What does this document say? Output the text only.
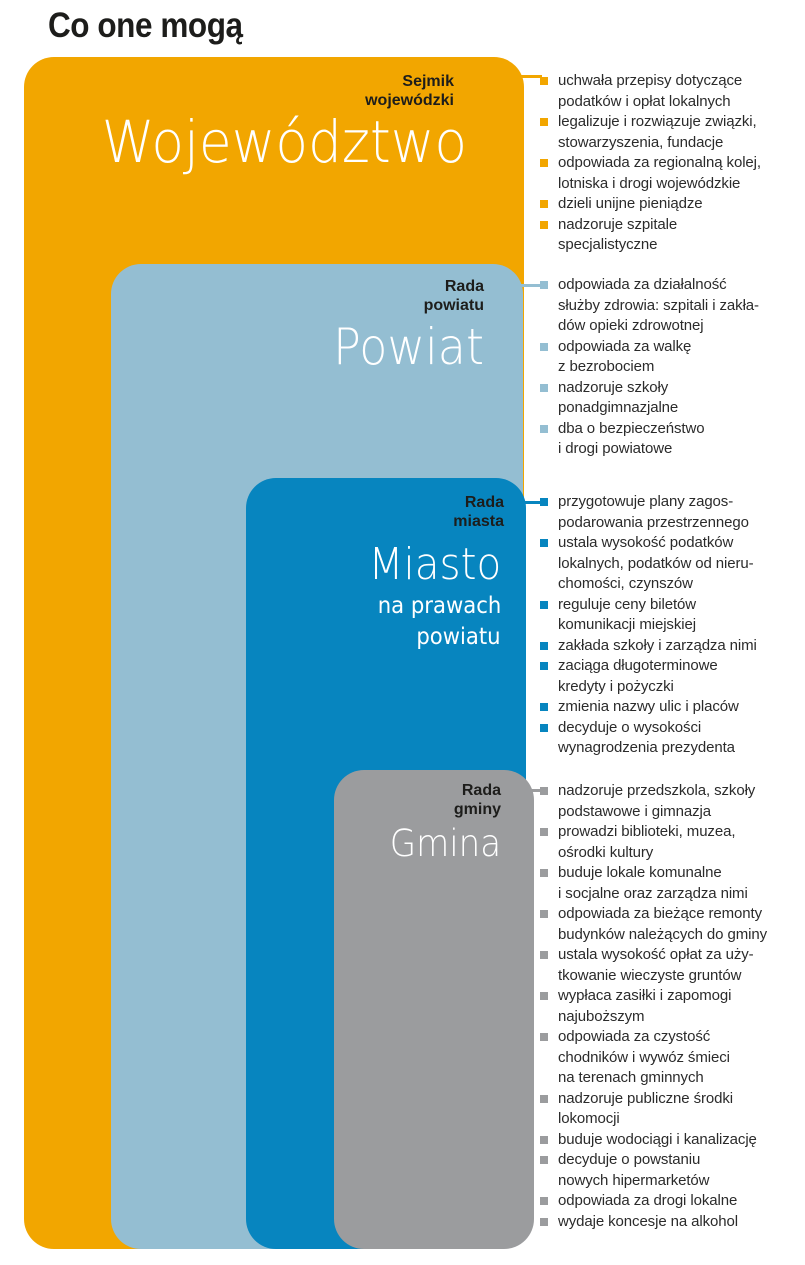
Co one mogą

Sejmik
wojewódzki

Województwo

Rada
powiatu

Powiat

Rada
miasta

Miasto

na prawach

powiatu

Rada
gminy

Gmina

uchwała przepisy dotyczące
podatków i opłat lokalnych
legalizuje i rozwiązuje związki,
stowarzyszenia, fundacje
odpowiada za regionalną kolej,
lotniska i drogi wojewódzkie
dzieli unijne pieniądze
nadzoruje szpitale
specjalistyczne
odpowiada za działalność
służby zdrowia: szpitali i zakła-
dów opieki zdrowotnej
odpowiada za walkę
z bezrobociem
nadzoruje szkoły
ponadgimnazjalne
dba o bezpieczeństwo
i drogi powiatowe
przygotowuje plany zagos-
podarowania przestrzennego
ustala wysokość podatków
lokalnych, podatków od nieru-
chomości, czynszów
reguluje ceny biletów
komunikacji miejskiej
zakłada szkoły i zarządza nimi
zaciąga długoterminowe
kredyty i pożyczki
zmienia nazwy ulic i placów
decyduje o wysokości
wynagrodzenia prezydenta
nadzoruje przedszkola, szkoły
podstawowe i gimnazja
prowadzi biblioteki, muzea,
ośrodki kultury
buduje lokale komunalne
i socjalne oraz zarządza nimi
odpowiada za bieżące remonty
budynków należących do gminy
ustala wysokość opłat za uży-
tkowanie wieczyste gruntów
wypłaca zasiłki i zapomogi
najuboższym
odpowiada za czystość
chodników i wywóz śmieci
na terenach gminnych
nadzoruje publiczne środki
lokomocji
buduje wodociągi i kanalizację
decyduje o powstaniu
nowych hipermarketów
odpowiada za drogi lokalne
wydaje koncesje na alkohol
